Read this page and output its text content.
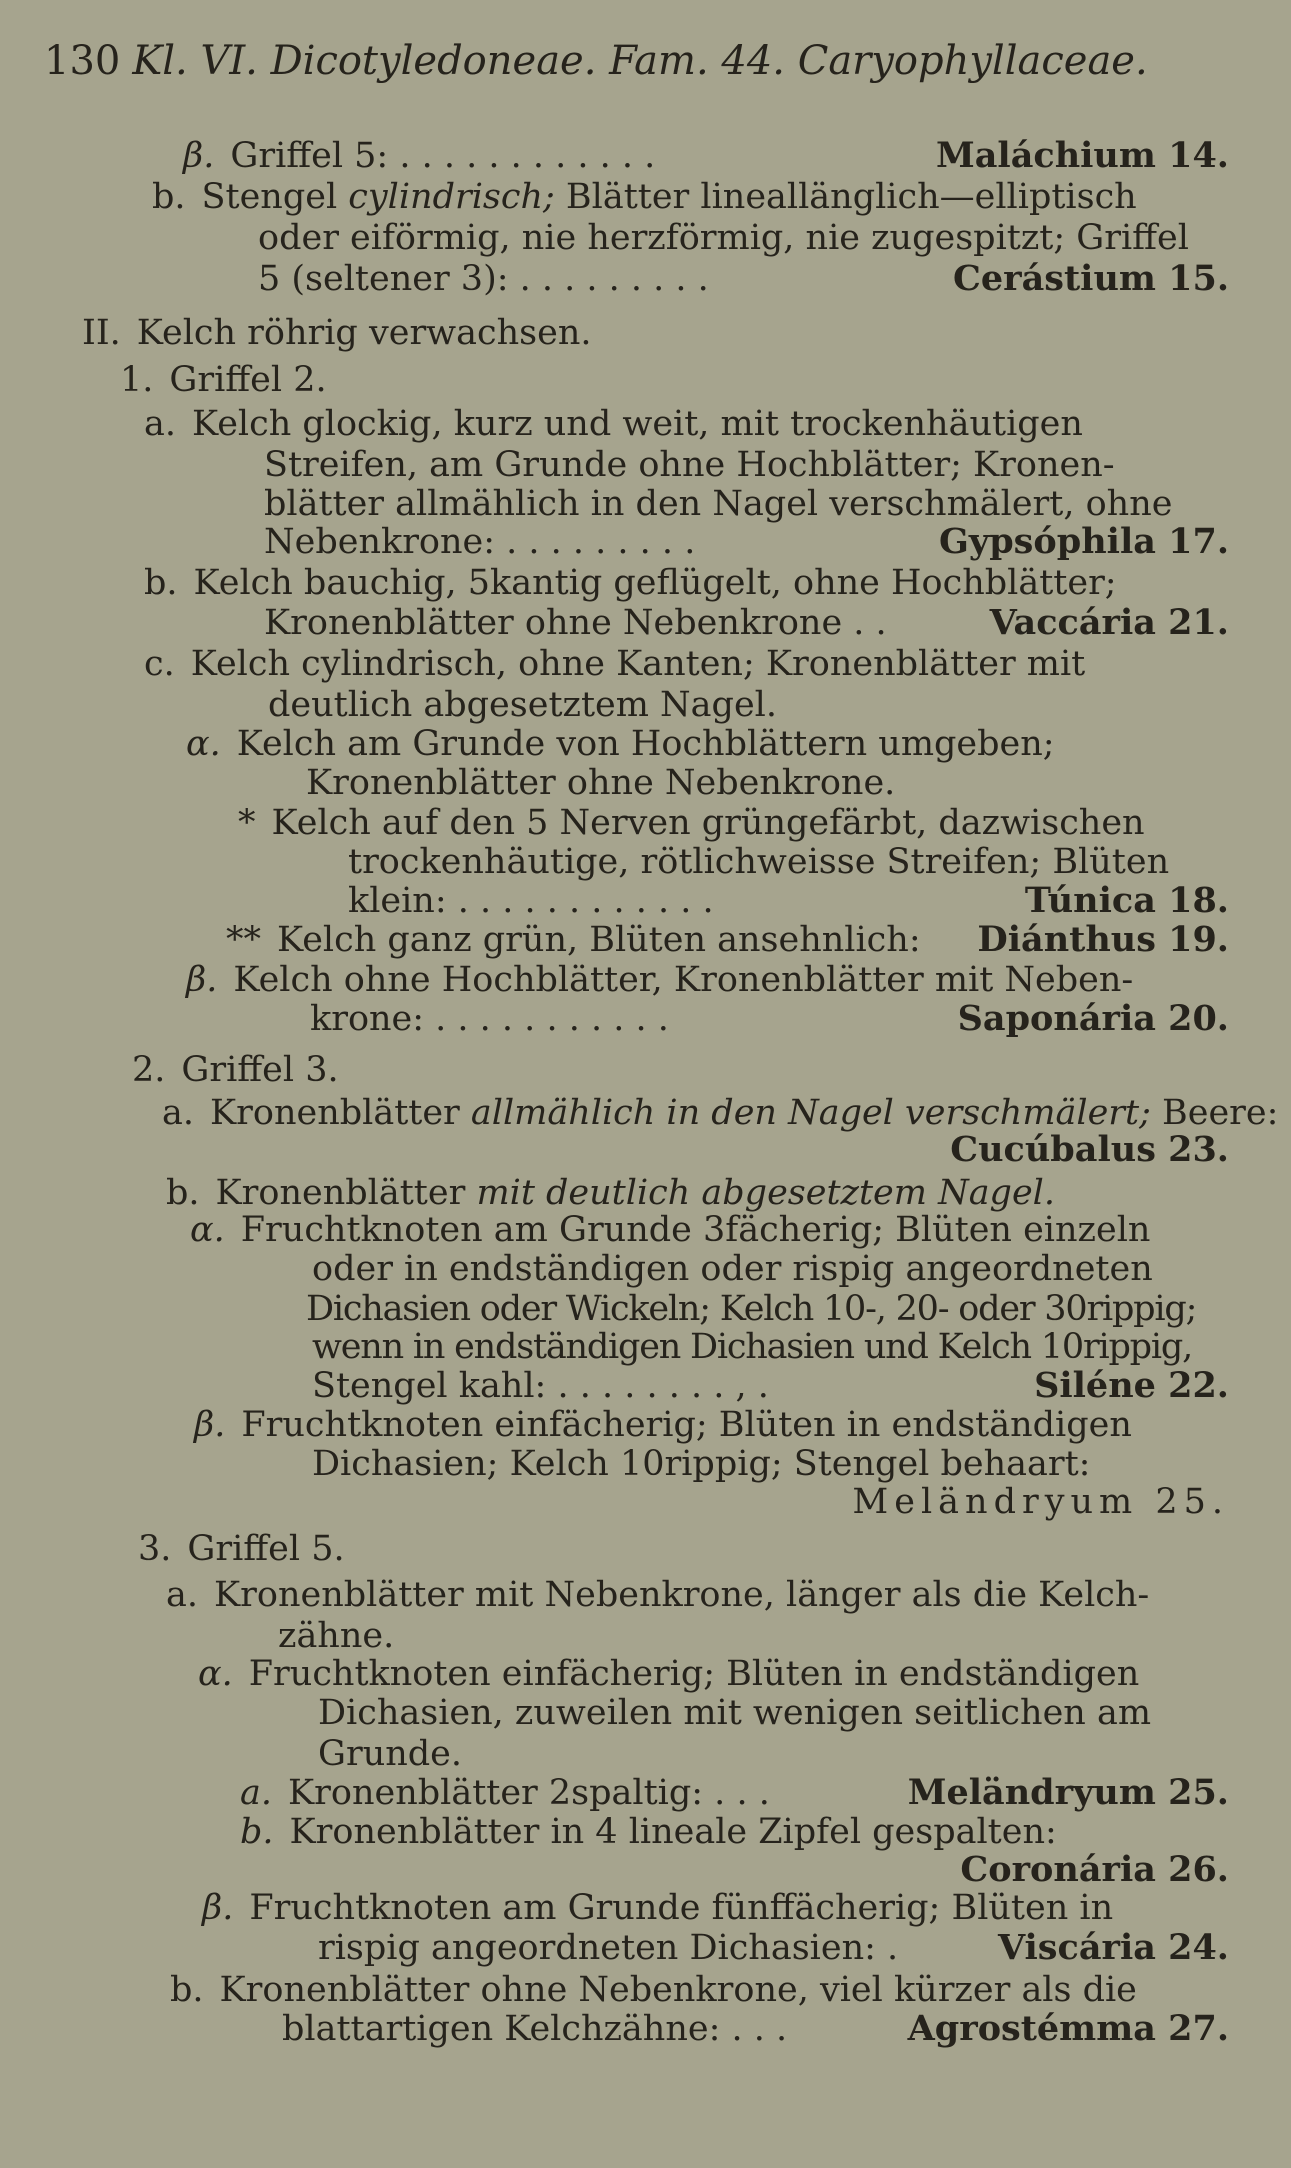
130 Kl. VI. Dicotyledoneae. Fam. 44. Caryophyllaceae.
β. Griffel 5: . . . . . . . . . . . .	Maláchium 14.
b. Stengel cylindrisch; Blätter lineallänglich—elliptisch
oder eiförmig, nie herzförmig, nie zugespitzt; Griffel
5 (seltener 3): . . . . . . . . .	Cerástium 15.
II. Kelch röhrig verwachsen.
1. Griffel 2.
a. Kelch glockig, kurz und weit, mit trockenhäutigen
Streifen, am Grunde ohne Hochblätter; Kronen-
blätter allmählich in den Nagel verschmälert, ohne
Nebenkrone: . . . . . . . . .	Gypsóphila 17.
b. Kelch bauchig, 5kantig geflügelt, ohne Hochblätter;
Kronenblätter ohne Nebenkrone . .	Vaccária 21.
c. Kelch cylindrisch, ohne Kanten; Kronenblätter mit
deutlich abgesetztem Nagel.
α. Kelch am Grunde von Hochblättern umgeben;
Kronenblätter ohne Nebenkrone.
* Kelch auf den 5 Nerven grüngefärbt, dazwischen
trockenhäutige, rötlichweisse Streifen; Blüten
klein: . . . . . . . . . . . .	Túnica 18.
** Kelch ganz grün, Blüten ansehnlich: Diánthus 19.
β. Kelch ohne Hochblätter, Kronenblätter mit Neben-
krone: . . . . . . . . . . .	Saponária 20.
2. Griffel 3.
a. Kronenblätter allmählich in den Nagel verschmälert; Beere:
Cucúbalus 23.
b. Kronenblätter mit deutlich abgesetztem Nagel.
α. Fruchtknoten am Grunde 3fächerig; Blüten einzeln
oder in endständigen oder rispig angeordneten
Dichasien oder Wickeln; Kelch 10-, 20- oder 30rippig;
wenn in endständigen Dichasien und Kelch 10rippig,
Stengel kahl: . . . . . . . . , .	Siléne 22.
β. Fruchtknoten einfächerig; Blüten in endständigen
Dichasien; Kelch 10rippig; Stengel behaart:
Meländryum 25.
3. Griffel 5.
a. Kronenblätter mit Nebenkrone, länger als die Kelch-
zähne.
α. Fruchtknoten einfächerig; Blüten in endständigen
Dichasien, zuweilen mit wenigen seitlichen am
Grunde.
a. Kronenblätter 2spaltig: . . .	Meländryum 25.
b. Kronenblätter in 4 lineale Zipfel gespalten:
Coronária 26.
β. Fruchtknoten am Grunde fünffächerig; Blüten in
rispig angeordneten Dichasien: .	Viscária 24.
b. Kronenblätter ohne Nebenkrone, viel kürzer als die
blattartigen Kelchzähne: . . .	Agrostémma 27.
